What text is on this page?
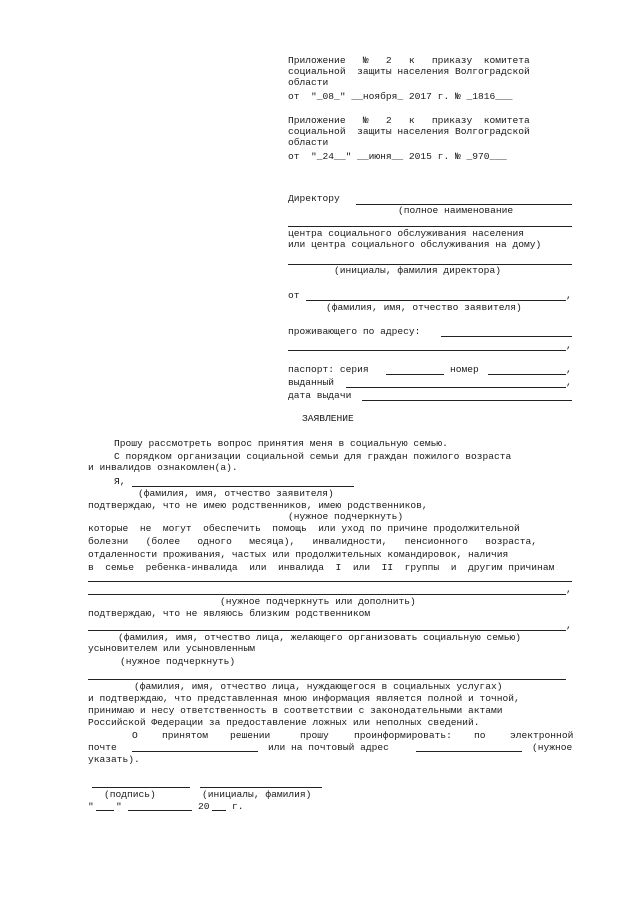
Приложение   №   2   к   приказу  комитета
социальной  защиты населения Волгоградской
области
от  "_08_" __ноября_ 2017 г. № _1816___
Приложение   №   2   к   приказу  комитета
социальной  защиты населения Волгоградской
области
от  "_24__" __июня__ 2015 г. № _970___
Директору
(полное наименование
центра социального обслуживания населения
или центра социального обслуживания на дому)
(инициалы, фамилия директора)
от	,
(фамилия, имя, отчество заявителя)
проживающего по адресу:
,
паспорт: серия	номер	,
выданный	,
дата выдачи
ЗАЯВЛЕНИЕ
Прошу рассмотреть вопрос принятия меня в социальную семью.
С порядком организации социальной семьи для граждан пожилого возраста
и инвалидов ознакомлен(а).
Я,
(фамилия, имя, отчество заявителя)
подтверждаю, что не имею родственников, имею родственников,
(нужное подчеркнуть)
которые  не  могут  обеспечить  помощь  или уход по причине продолжительной
болезни   (более   одного   месяца),   инвалидности,   пенсионного   возраста,
отдаленности проживания, частых или продолжительных командировок, наличия
в  семье  ребенка-инвалида  или  инвалида  I  или  II  группы  и  другим причинам
,
(нужное подчеркнуть или дополнить)
подтверждаю, что не являюсь близким родственником
,
(фамилия, имя, отчество лица, желающего организовать социальную семью)
усыновителем или усыновленным
(нужное подчеркнуть)
(фамилия, имя, отчество лица, нуждающегося в социальных услугах)
и подтверждаю, что представленная мною информация является полной и точной,
принимаю и несу ответственность в соответствии с законодательными актами
Российской Федерации за предоставление ложных или неполных сведений.
О	принятом решении	прошу	проинформировать: по	электронной
почте	или на почтовый адрес	(нужное
указать).
(подпись)	(инициалы, фамилия)
" "	20 г.
